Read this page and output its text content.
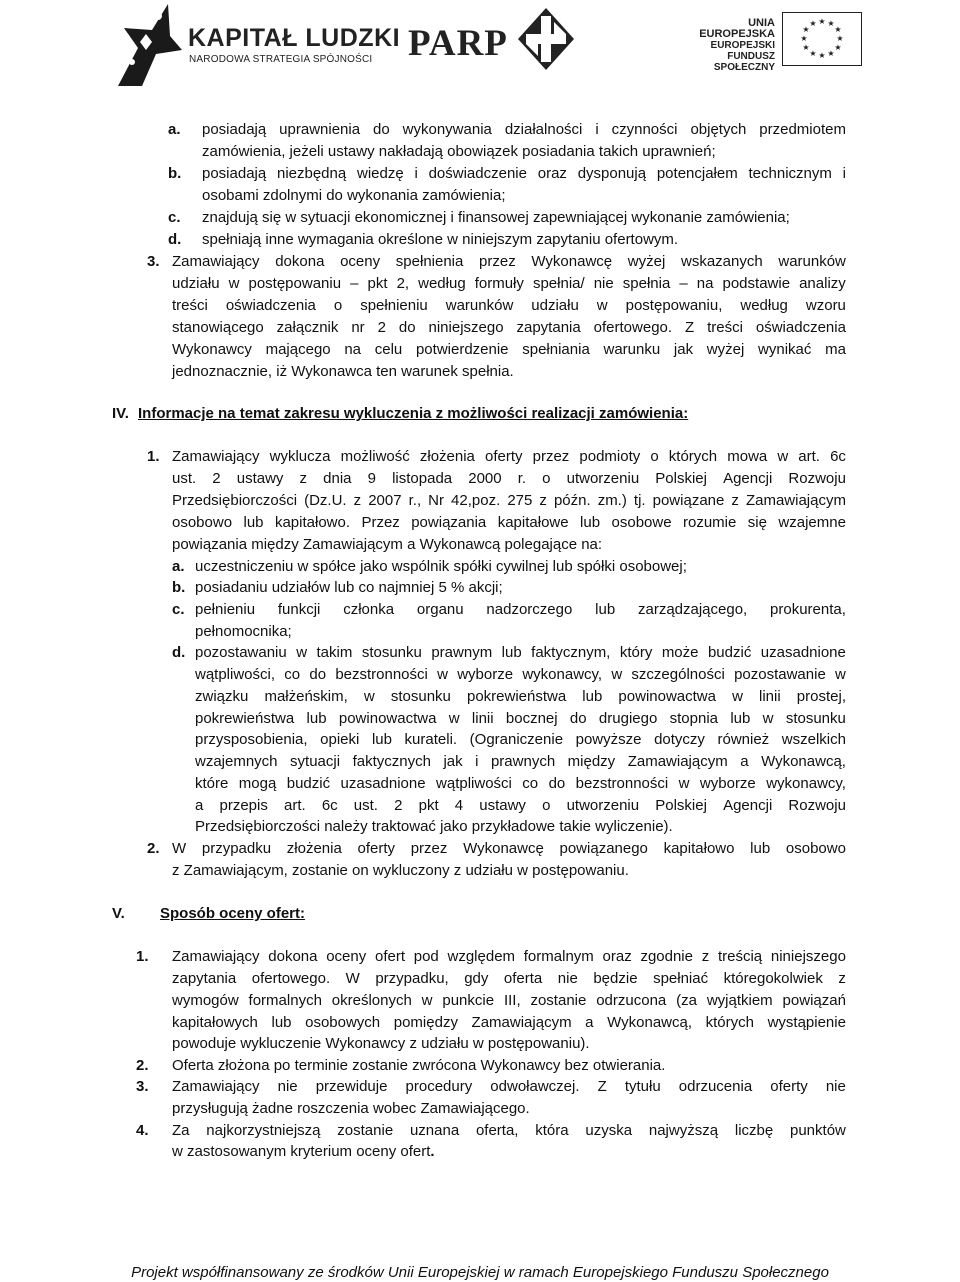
KAPITAŁ LUDZKI
NARODOWA STRATEGIA SPÓJNOŚCI PARP	UNIA EUROPEJSKA
EUROPEJSKI
FUNDUSZ SPOŁECZNY
★ ★
★
★
★
★
★
★
★
★
★
★
a. posiadają uprawnienia do wykonywania działalności i czynności objętych przedmiotem
zamówienia, jeżeli ustawy nakładają obowiązek posiadania takich uprawnień;
b. posiadają niezbędną wiedzę i doświadczenie oraz dysponują potencjałem technicznym i
osobami zdolnymi do wykonania zamówienia;
c. znajdują się w sytuacji ekonomicznej i finansowej zapewniającej wykonanie zamówienia;
d. spełniają inne wymagania określone w niniejszym zapytaniu ofertowym.
3. Zamawiający dokona oceny spełnienia przez Wykonawcę wyżej wskazanych warunków
udziału w postępowaniu – pkt 2, według formuły spełnia/ nie spełnia – na podstawie analizy
treści oświadczenia o spełnieniu warunków udziału w postępowaniu, według wzoru
stanowiącego załącznik nr 2 do niniejszego zapytania ofertowego. Z treści oświadczenia
Wykonawcy mającego na celu potwierdzenie spełniania warunku jak wyżej wynikać ma
jednoznacznie, iż Wykonawca ten warunek spełnia.
IV. Informacje na temat zakresu wykluczenia z możliwości realizacji zamówienia:
1. Zamawiający wyklucza możliwość złożenia oferty przez podmioty o których mowa w art. 6c
ust. 2 ustawy z dnia 9 listopada 2000 r. o utworzeniu Polskiej Agencji Rozwoju
Przedsiębiorczości (Dz.U. z 2007 r., Nr 42,poz. 275 z późn. zm.) tj. powiązane z Zamawiającym
osobowo lub kapitałowo. Przez powiązania kapitałowe lub osobowe rozumie się wzajemne
powiązania między Zamawiającym a Wykonawcą polegające na:
a. uczestniczeniu w spółce jako wspólnik spółki cywilnej lub spółki osobowej;
b. posiadaniu udziałów lub co najmniej 5 % akcji;
c. pełnieniu funkcji członka organu nadzorczego lub zarządzającego, prokurenta,
pełnomocnika;
d. pozostawaniu w takim stosunku prawnym lub faktycznym, który może budzić uzasadnione
wątpliwości, co do bezstronności w wyborze wykonawcy, w szczególności pozostawanie w
związku małżeńskim, w stosunku pokrewieństwa lub powinowactwa w linii prostej,
pokrewieństwa lub powinowactwa w linii bocznej do drugiego stopnia lub w stosunku
przysposobienia, opieki lub kurateli. (Ograniczenie powyższe dotyczy również wszelkich
wzajemnych sytuacji faktycznych jak i prawnych między Zamawiającym a Wykonawcą,
które mogą budzić uzasadnione wątpliwości co do bezstronności w wyborze wykonawcy,
a przepis art. 6c ust. 2 pkt 4 ustawy o utworzeniu Polskiej Agencji Rozwoju
Przedsiębiorczości należy traktować jako przykładowe takie wyliczenie).
2. W przypadku złożenia oferty przez Wykonawcę powiązanego kapitałowo lub osobowo
z Zamawiającym, zostanie on wykluczony z udziału w postępowaniu.
V. Sposób oceny ofert:
1. Zamawiający dokona oceny ofert pod względem formalnym oraz zgodnie z treścią niniejszego
zapytania ofertowego. W przypadku, gdy oferta nie będzie spełniać któregokolwiek z
wymogów formalnych określonych w punkcie III, zostanie odrzucona (za wyjątkiem powiązań
kapitałowych lub osobowych pomiędzy Zamawiającym a Wykonawcą, których wystąpienie
powoduje wykluczenie Wykonawcy z udziału w postępowaniu).
2. Oferta złożona po terminie zostanie zwrócona Wykonawcy bez otwierania.
3. Zamawiający nie przewiduje procedury odwoławczej. Z tytułu odrzucenia oferty nie
przysługują żadne roszczenia wobec Zamawiającego.
4. Za najkorzystniejszą zostanie uznana oferta, która uzyska najwyższą liczbę punktów
w zastosowanym kryterium oceny ofert.
Projekt współfinansowany ze środków Unii Europejskiej w ramach Europejskiego Funduszu Społecznego
